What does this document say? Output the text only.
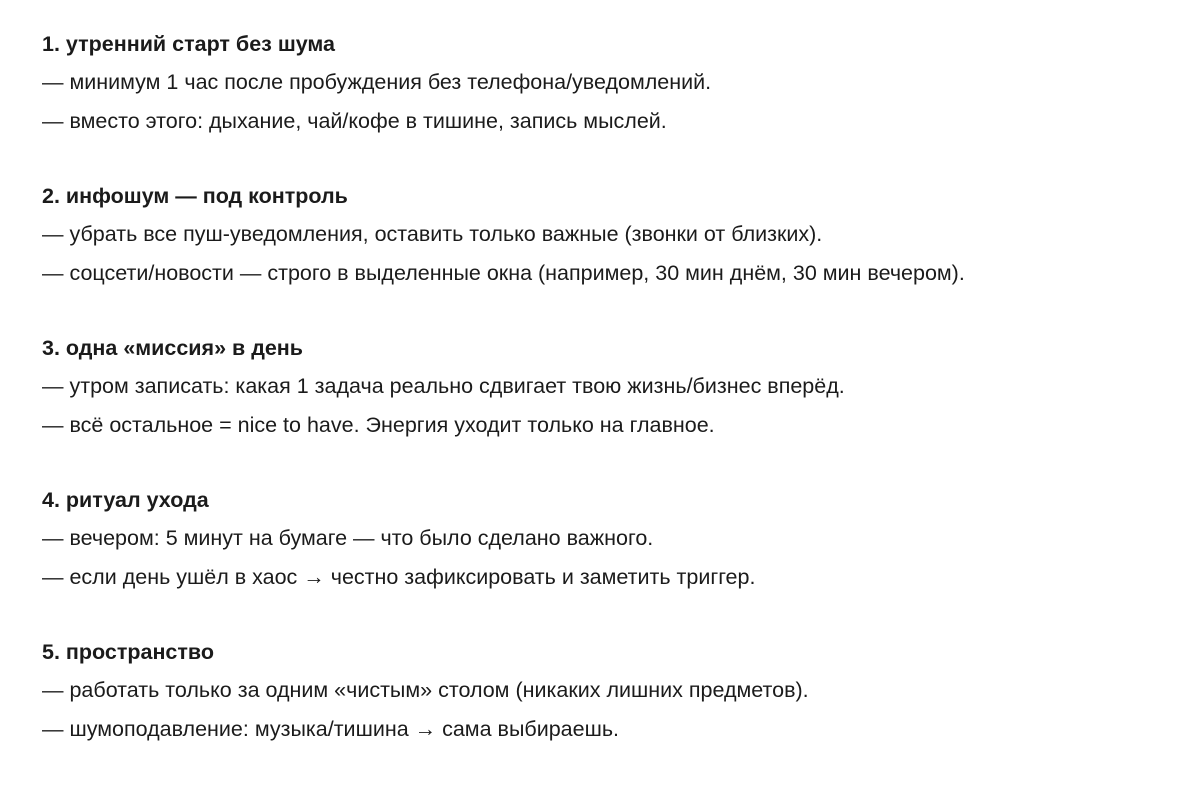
1. утренний старт без шума
— минимум 1 час после пробуждения без телефона/уведомлений.
— вместо этого: дыхание, чай/кофе в тишине, запись мыслей.
2. инфошум — под контроль
— убрать все пуш-уведомления, оставить только важные (звонки от близких).
— соцсети/новости — строго в выделенные окна (например, 30 мин днём, 30 мин вечером).
3. одна «миссия» в день
— утром записать: какая 1 задача реально сдвигает твою жизнь/бизнес вперёд.
— всё остальное = nice to have. Энергия уходит только на главное.
4. ритуал ухода
— вечером: 5 минут на бумаге — что было сделано важного.
— если день ушёл в хаос → честно зафиксировать и заметить триггер.
5. пространство
— работать только за одним «чистым» столом (никаких лишних предметов).
— шумоподавление: музыка/тишина → сама выбираешь.
